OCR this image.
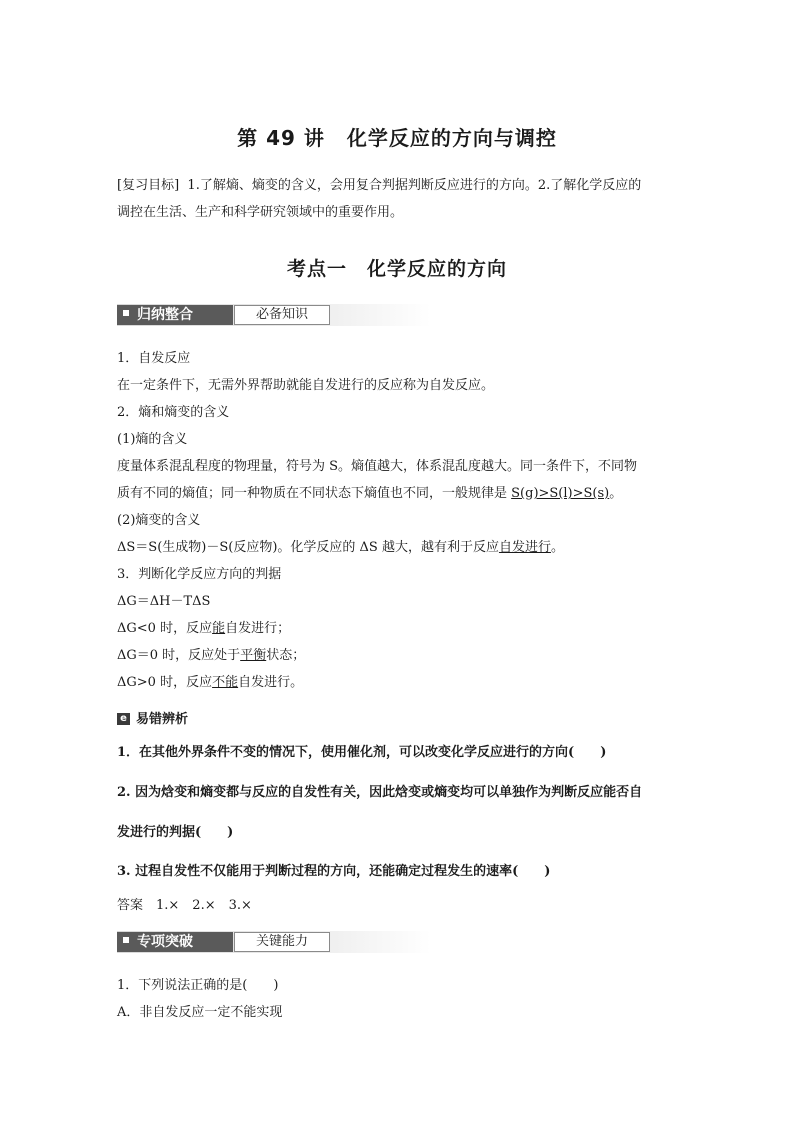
第 49 讲 化学反应的方向与调控
[复习目标] 1.了解熵、熵变的含义，会用复合判据判断反应进行的方向。2.了解化学反应的
调控在生活、生产和科学研究领域中的重要作用。
考点一 化学反应的方向
归纳整合	必备知识
1．自发反应
在一定条件下，无需外界帮助就能自发进行的反应称为自发反应。
2．熵和熵变的含义
(1)熵的含义
度量体系混乱程度的物理量，符号为 S。熵值越大，体系混乱度越大。同一条件下，不同物
质有不同的熵值；同一种物质在不同状态下熵值也不同，一般规律是 S(g)>S(l)>S(s)。
(2)熵变的含义
ΔS＝S(生成物)－S(反应物)。化学反应的 ΔS 越大，越有利于反应自发进行。
3．判断化学反应方向的判据
ΔG＝ΔH－TΔS
ΔG<0 时，反应能自发进行；
ΔG＝0 时，反应处于平衡状态；
ΔG>0 时，反应不能自发进行。
e 易错辨析
1．在其他外界条件不变的情况下，使用催化剂，可以改变化学反应进行的方向(　　)
2. 因为焓变和熵变都与反应的自发性有关，因此焓变或熵变均可以单独作为判断反应能否自
发进行的判据(　　)
3. 过程自发性不仅能用于判断过程的方向，还能确定过程发生的速率(　　)
答案　1.×　2.×　3.×
专项突破	关键能力
1．下列说法正确的是(　　)
A．非自发反应一定不能实现
